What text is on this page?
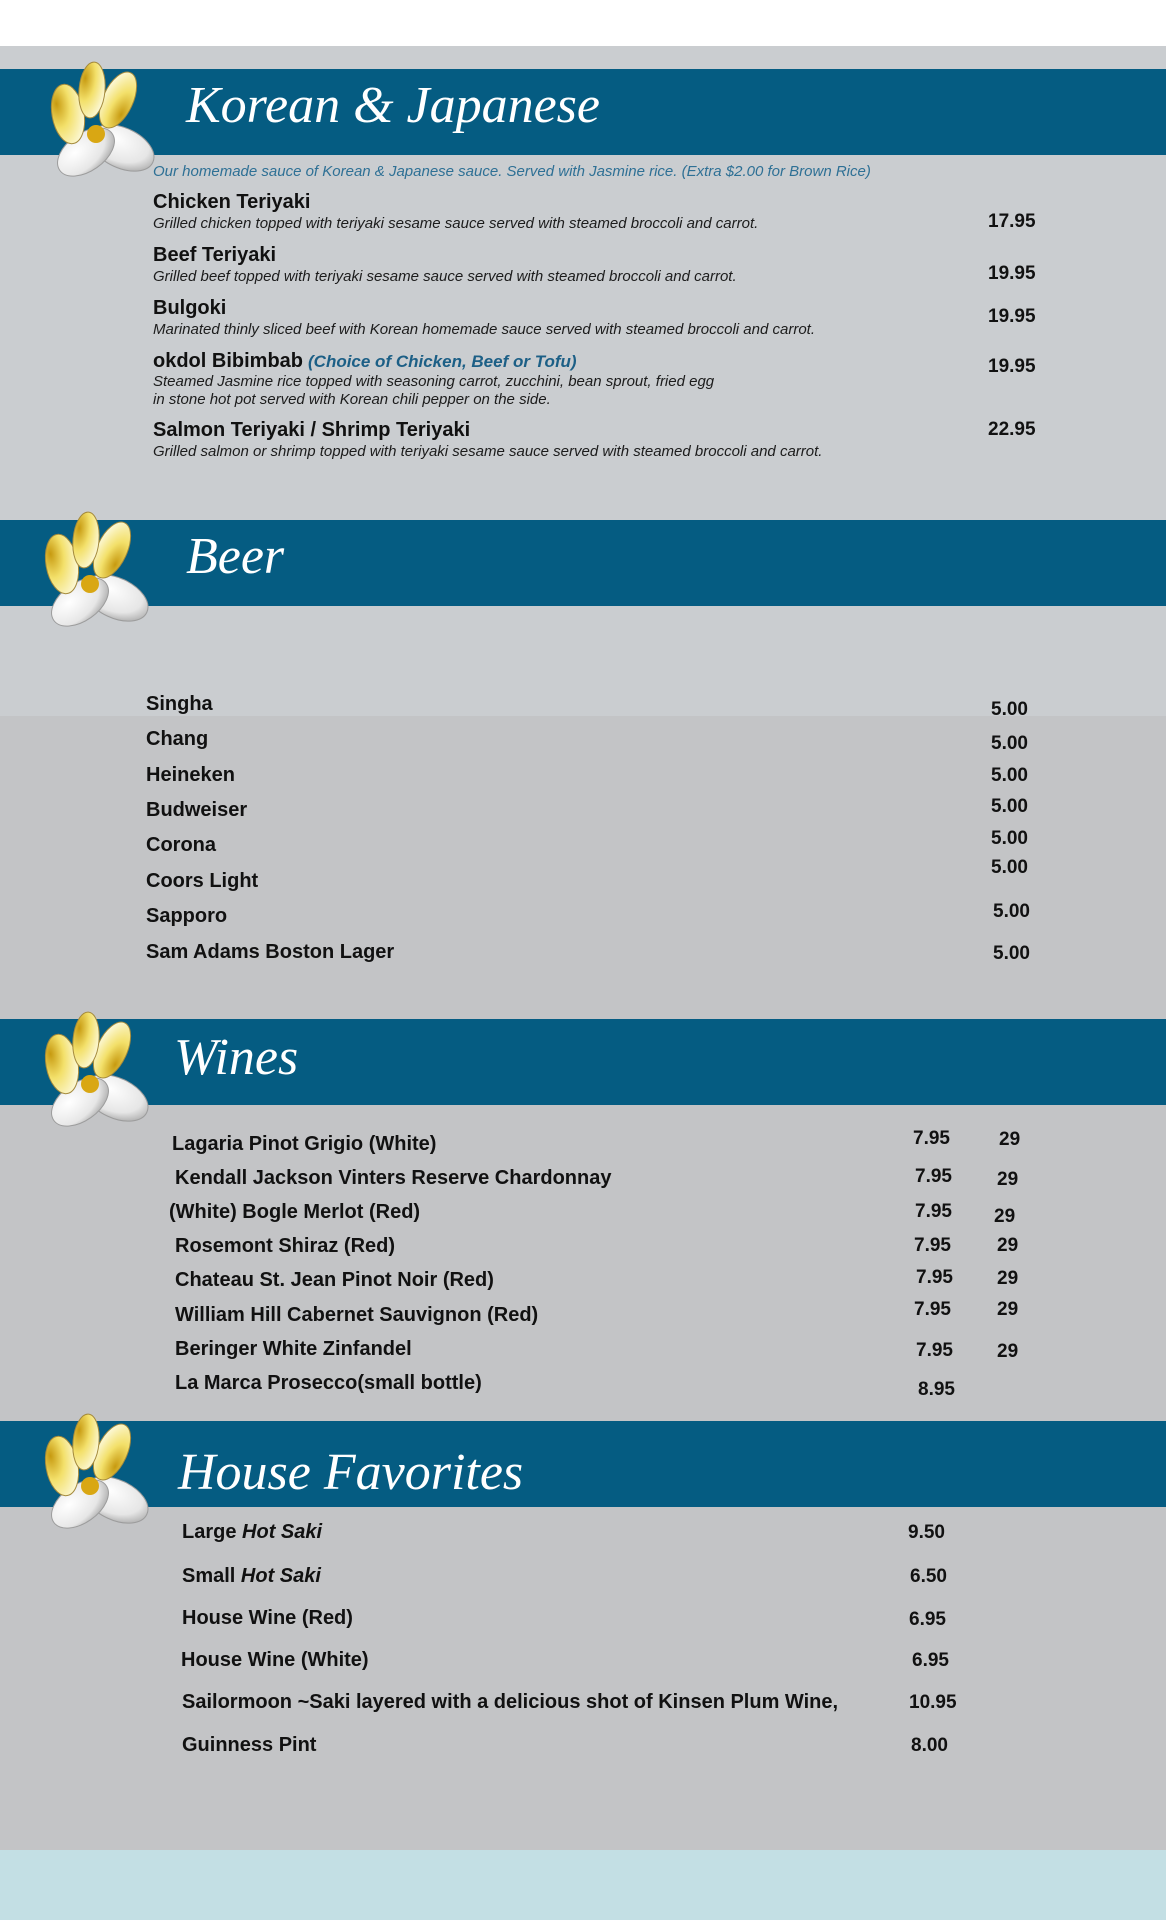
Korean & Japanese
Our homemade sauce of Korean & Japanese sauce. Served with Jasmine rice. (Extra $2.00 for Brown Rice)
Chicken Teriyaki
Grilled chicken topped with teriyaki sesame sauce served with steamed broccoli and carrot.	17.95
Beef Teriyaki
Grilled beef topped with teriyaki sesame sauce served with steamed broccoli and carrot.	19.95
Bulgoki
Marinated thinly sliced beef with Korean homemade sauce served with steamed broccoli and carrot.
19.95
okdol Bibimbab (Choice of Chicken, Beef or Tofu)
Steamed Jasmine rice topped with seasoning carrot, zucchini, bean sprout, fried egg
in stone hot pot served with Korean chili pepper on the side.
19.95
Salmon Teriyaki / Shrimp Teriyaki
Grilled salmon or shrimp topped with teriyaki sesame sauce served with steamed broccoli and carrot.
22.95
Beer
Singha	5.00
Chang	5.00
Heineken	5.00
Budweiser	5.00
Corona	5.00
Coors Light
5.00
Sapporo	5.00
Sam Adams Boston Lager	5.00
Wines
Lagaria Pinot Grigio (White)	7.95	29
Kendall Jackson Vinters Reserve Chardonnay	7.95 29
(White) Bogle Merlot (Red)	7.95 29
Rosemont Shiraz (Red)	7.95 29
Chateau St. Jean Pinot Noir (Red)	7.95 29
William Hill Cabernet Sauvignon (Red)	7.95 29
Beringer White Zinfandel	7.95 29
La Marca Prosecco(small bottle)	8.95
House Favorites
Large Hot Saki	9.50
Small Hot Saki	6.50
House Wine (Red)	6.95
House Wine (White)	6.95
Sailormoon ~Saki layered with a delicious shot of Kinsen Plum Wine,	10.95
Guinness Pint	8.00
